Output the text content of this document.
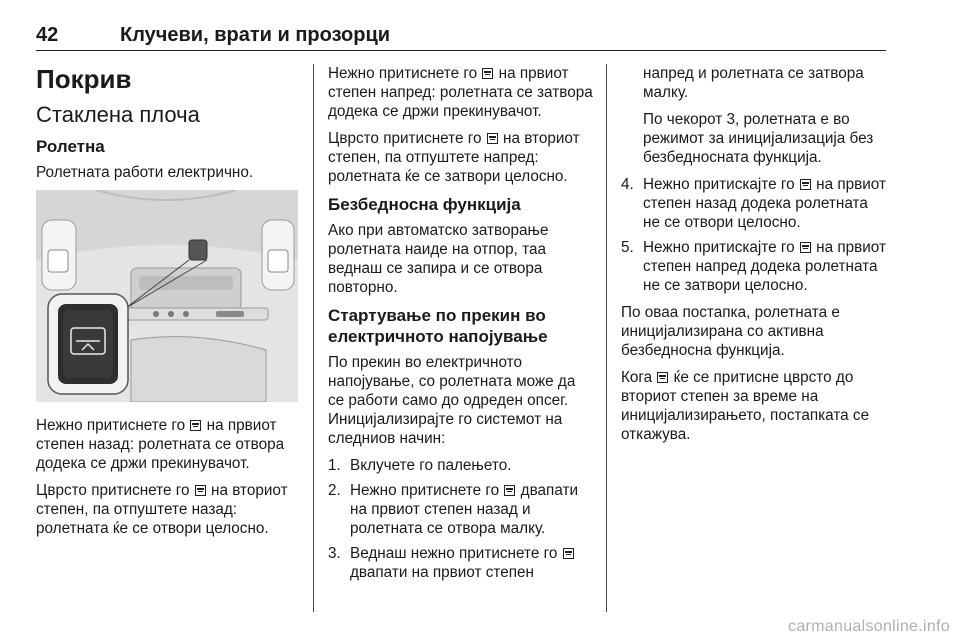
42	Клучеви, врати и прозорци
Покрив
Стаклена плоча
Ролетна

Ролетната работи електрично.

Нежно притиснете го на првиот степен назад: ролетната се отвора додека се држи прекинувачот.

Цврсто притиснете го на вториот степен, па отпуштете назад: ролетната ќе се отвори целосно.

Нежно притиснете го на првиот степен напред: ролетната се затвора додека се држи прекинувачот.

Цврсто притиснете го на вториот степен, па отпуштете напред: ролетната ќе се затвори целосно.

Безбедносна функција

Ако при автоматско затворање ролетната наиде на отпор, таа веднаш се запира и се отвора повторно.

Стартување по прекин во електричното напојување

По прекин во електричното напојување, со ролетната може да се работи само до одреден опсег. Иницијализирајте го системот на следниов начин:

1. Вклучете го палењето.
2. Нежно притиснете го двапати на првиот степен назад и ролетната се отвора малку.
3. Веднаш нежно притиснете го  двапати на првиот степен

напред и ролетната се затвора малку.

По чекорот 3, ролетната е во режимот за иницијализација без безбедносната функција.

4. Нежно притискајте го на првиот степен назад додека ролетната не се отвори целосно.
5. Нежно притискајте го на првиот степен напред додека ролетната не се затвори целосно.

По оваа постапка, ролетната е иницијализирана со активна безбедносна функција.

Кога ќе се притисне цврсто до вториот степен за време на иницијализирањето, постапката се откажува.

carmanualsonline.info
